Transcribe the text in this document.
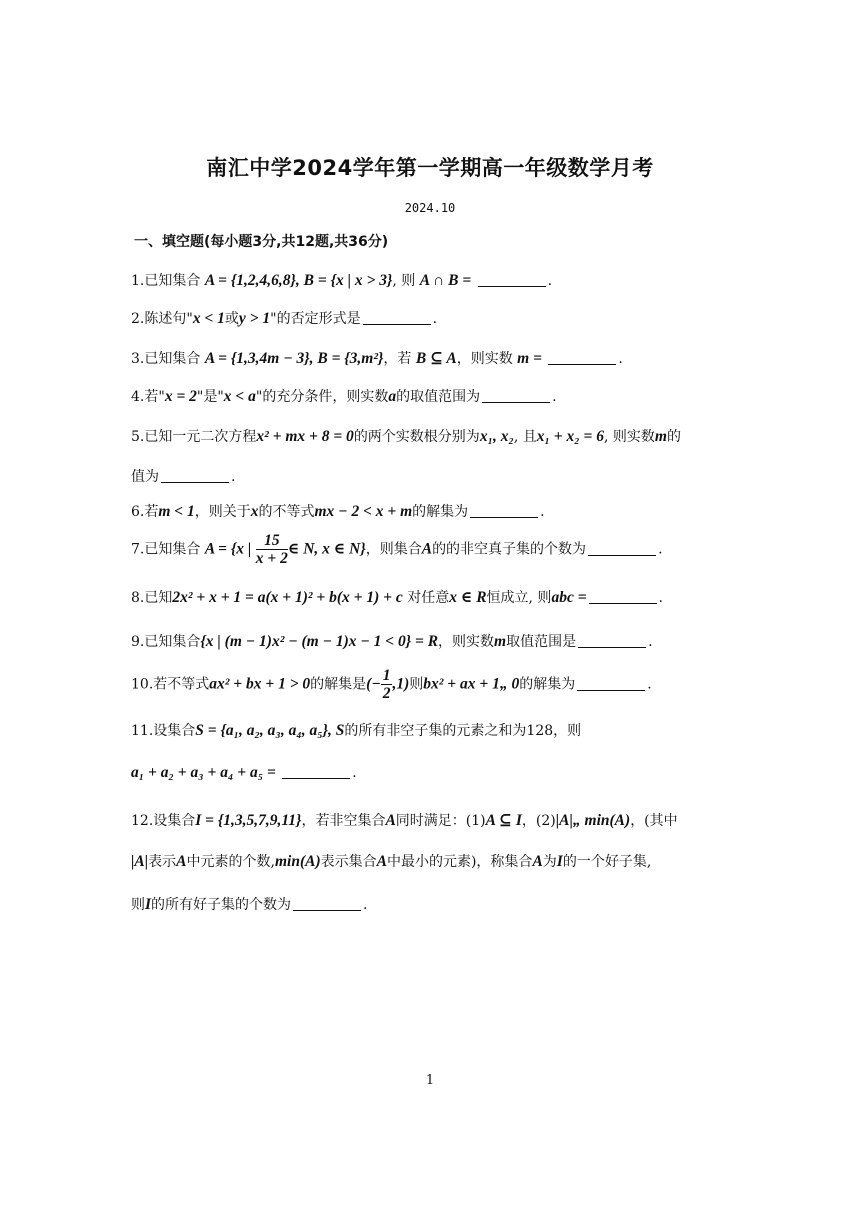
南汇中学2024学年第一学期高一年级数学月考
2024.10
一、填空题(每小题3分,共12题,共36分)
1.已知集合 A = {1,2,4,6,8}, B = {x | x > 3}, 则 A ∩ B =	.
2.陈述句"x < 1或y > 1"的否定形式是	.
3.已知集合 A = {1,3,4m − 3}, B = {3,m²}，若 B ⊆ A，则实数 m =	.
4.若"x = 2"是"x < a"的充分条件，则实数a的取值范围为	.
5.已知一元二次方程x² + mx + 8 = 0的两个实数根分别为x₁, x₂, 且x₁ + x₂ = 6, 则实数m的
值为	.
6.若m < 1，则关于x的不等式mx − 2 < x + m的解集为	.
7.已知集合 A = {x | $\frac{15}{x + 2}$ ∈ N, x ∈ N}，则集合A的的非空真子集的个数为	.
8.已知2x² + x + 1 = a(x + 1)² + b(x + 1) + c 对任意x ∈ R恒成立, 则abc =	.
9.已知集合{x | (m − 1)x² − (m − 1)x − 1 < 0} = R，则实数m取值范围是	.
10.若不等式ax² + bx + 1 > 0的解集是(− $\frac{1}{2} ,1$)则bx² + ax + 1„ 0的解集为	.
11.设集合S = {a₁, a₂, a₃, a₄, a₅}, S的所有非空子集的元素之和为128，则
a₁ + a₂ + a₃ + a₄ + a₅ =	.
12.设集合I = {1,3,5,7,9,11}，若非空集合A同时满足：(1)A ⊆ I，(2)|A|„ min(A)，(其中
|A|表示A中元素的个数,min(A)表示集合A中最小的元素)，称集合A为I的一个好子集,
则I的所有好子集的个数为	.
1
